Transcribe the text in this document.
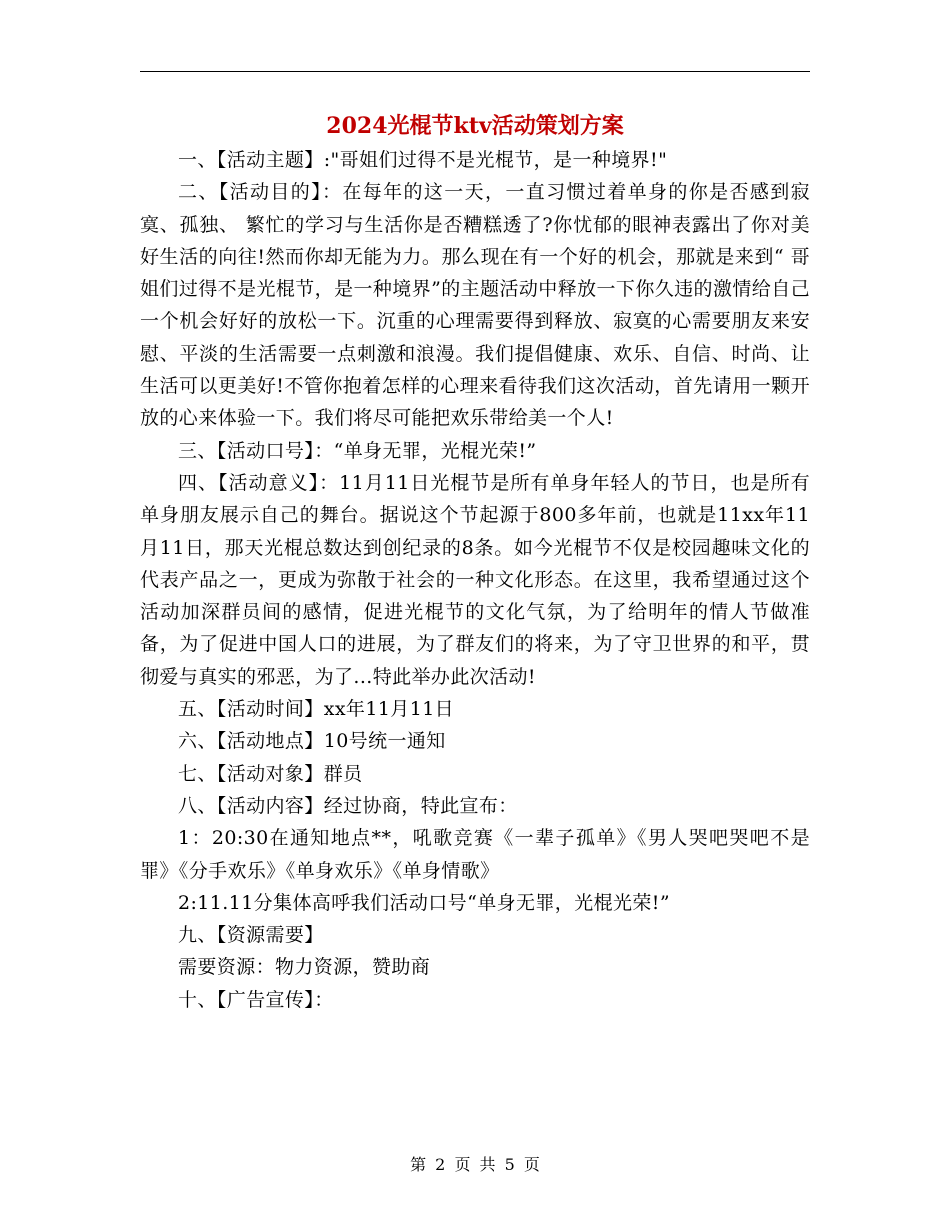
2024光棍节ktv活动策划方案

一、【活动主题】:"哥姐们过得不是光棍节，是一种境界!"

二、【活动目的】：在每年的这一天，一直习惯过着单身的你是否感到寂寞、孤独、 繁忙的学习与生活你是否糟糕透了?你忧郁的眼神表露出了你对美好生活的向往!然而你却无能为力。那么现在有一个好的机会，那就是来到“ 哥姐们过得不是光棍节，是一种境界”的主题活动中释放一下你久违的激情给自己一个机会好好的放松一下。沉重的心理需要得到释放、寂寞的心需要朋友来安慰、平淡的生活需要一点刺激和浪漫。我们提倡健康、欢乐、自信、时尚、让生活可以更美好!不管你抱着怎样的心理来看待我们这次活动，首先请用一颗开放的心来体验一下。我们将尽可能把欢乐带给美一个人!

三、【活动口号】：“单身无罪，光棍光荣!”

四、【活动意义】：11月11日光棍节是所有单身年轻人的节日，也是所有单身朋友展示自己的舞台。据说这个节起源于800多年前，也就是11xx年11月11日，那天光棍总数达到创纪录的8条。如今光棍节不仅是校园趣味文化的代表产品之一，更成为弥散于社会的一种文化形态。在这里，我希望通过这个活动加深群员间的感情，促进光棍节的文化气氛，为了给明年的情人节做准备，为了促进中国人口的进展，为了群友们的将来，为了守卫世界的和平，贯彻爱与真实的邪恶，为了...特此举办此次活动!

五、【活动时间】xx年11月11日

六、【活动地点】10号统一通知

七、【活动对象】群员

八、【活动内容】经过协商，特此宣布：

1：20:30在通知地点**，吼歌竞赛《一辈子孤单》《男人哭吧哭吧不是罪》《分手欢乐》《单身欢乐》《单身情歌》

2:11.11分集体高呼我们活动口号“单身无罪，光棍光荣!”

九、【资源需要】

需要资源：物力资源，赞助商

十、【广告宣传】：

第 2 页 共 5 页
